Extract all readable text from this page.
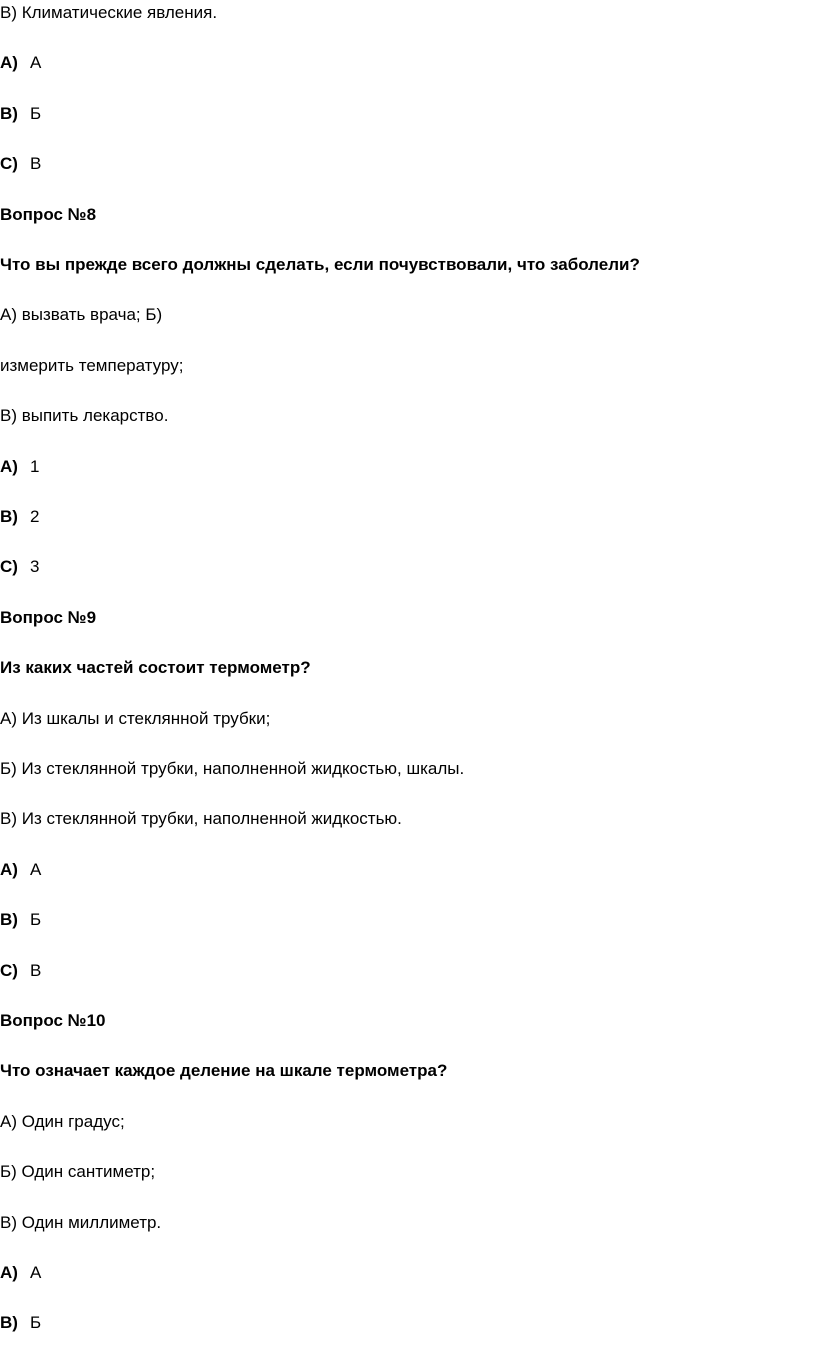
В) Климатические явления.
A) А
B) Б
C) В
Вопрос №8
Что вы прежде всего должны сделать, если почувствовали, что заболели?
А) вызвать врача; Б)
измерить температуру;
В) выпить лекарство.
A) 1
B) 2
C) 3
Вопрос №9
Из каких частей состоит термометр?
А) Из шкалы и стеклянной трубки;
Б) Из стеклянной трубки, наполненной жидкостью, шкалы.
В) Из стеклянной трубки, наполненной жидкостью.
A) А
B) Б
C) В
Вопрос №10
Что означает каждое деление на шкале термометра?
А) Один градус;
Б) Один сантиметр;
В) Один миллиметр.
A) А
B) Б
